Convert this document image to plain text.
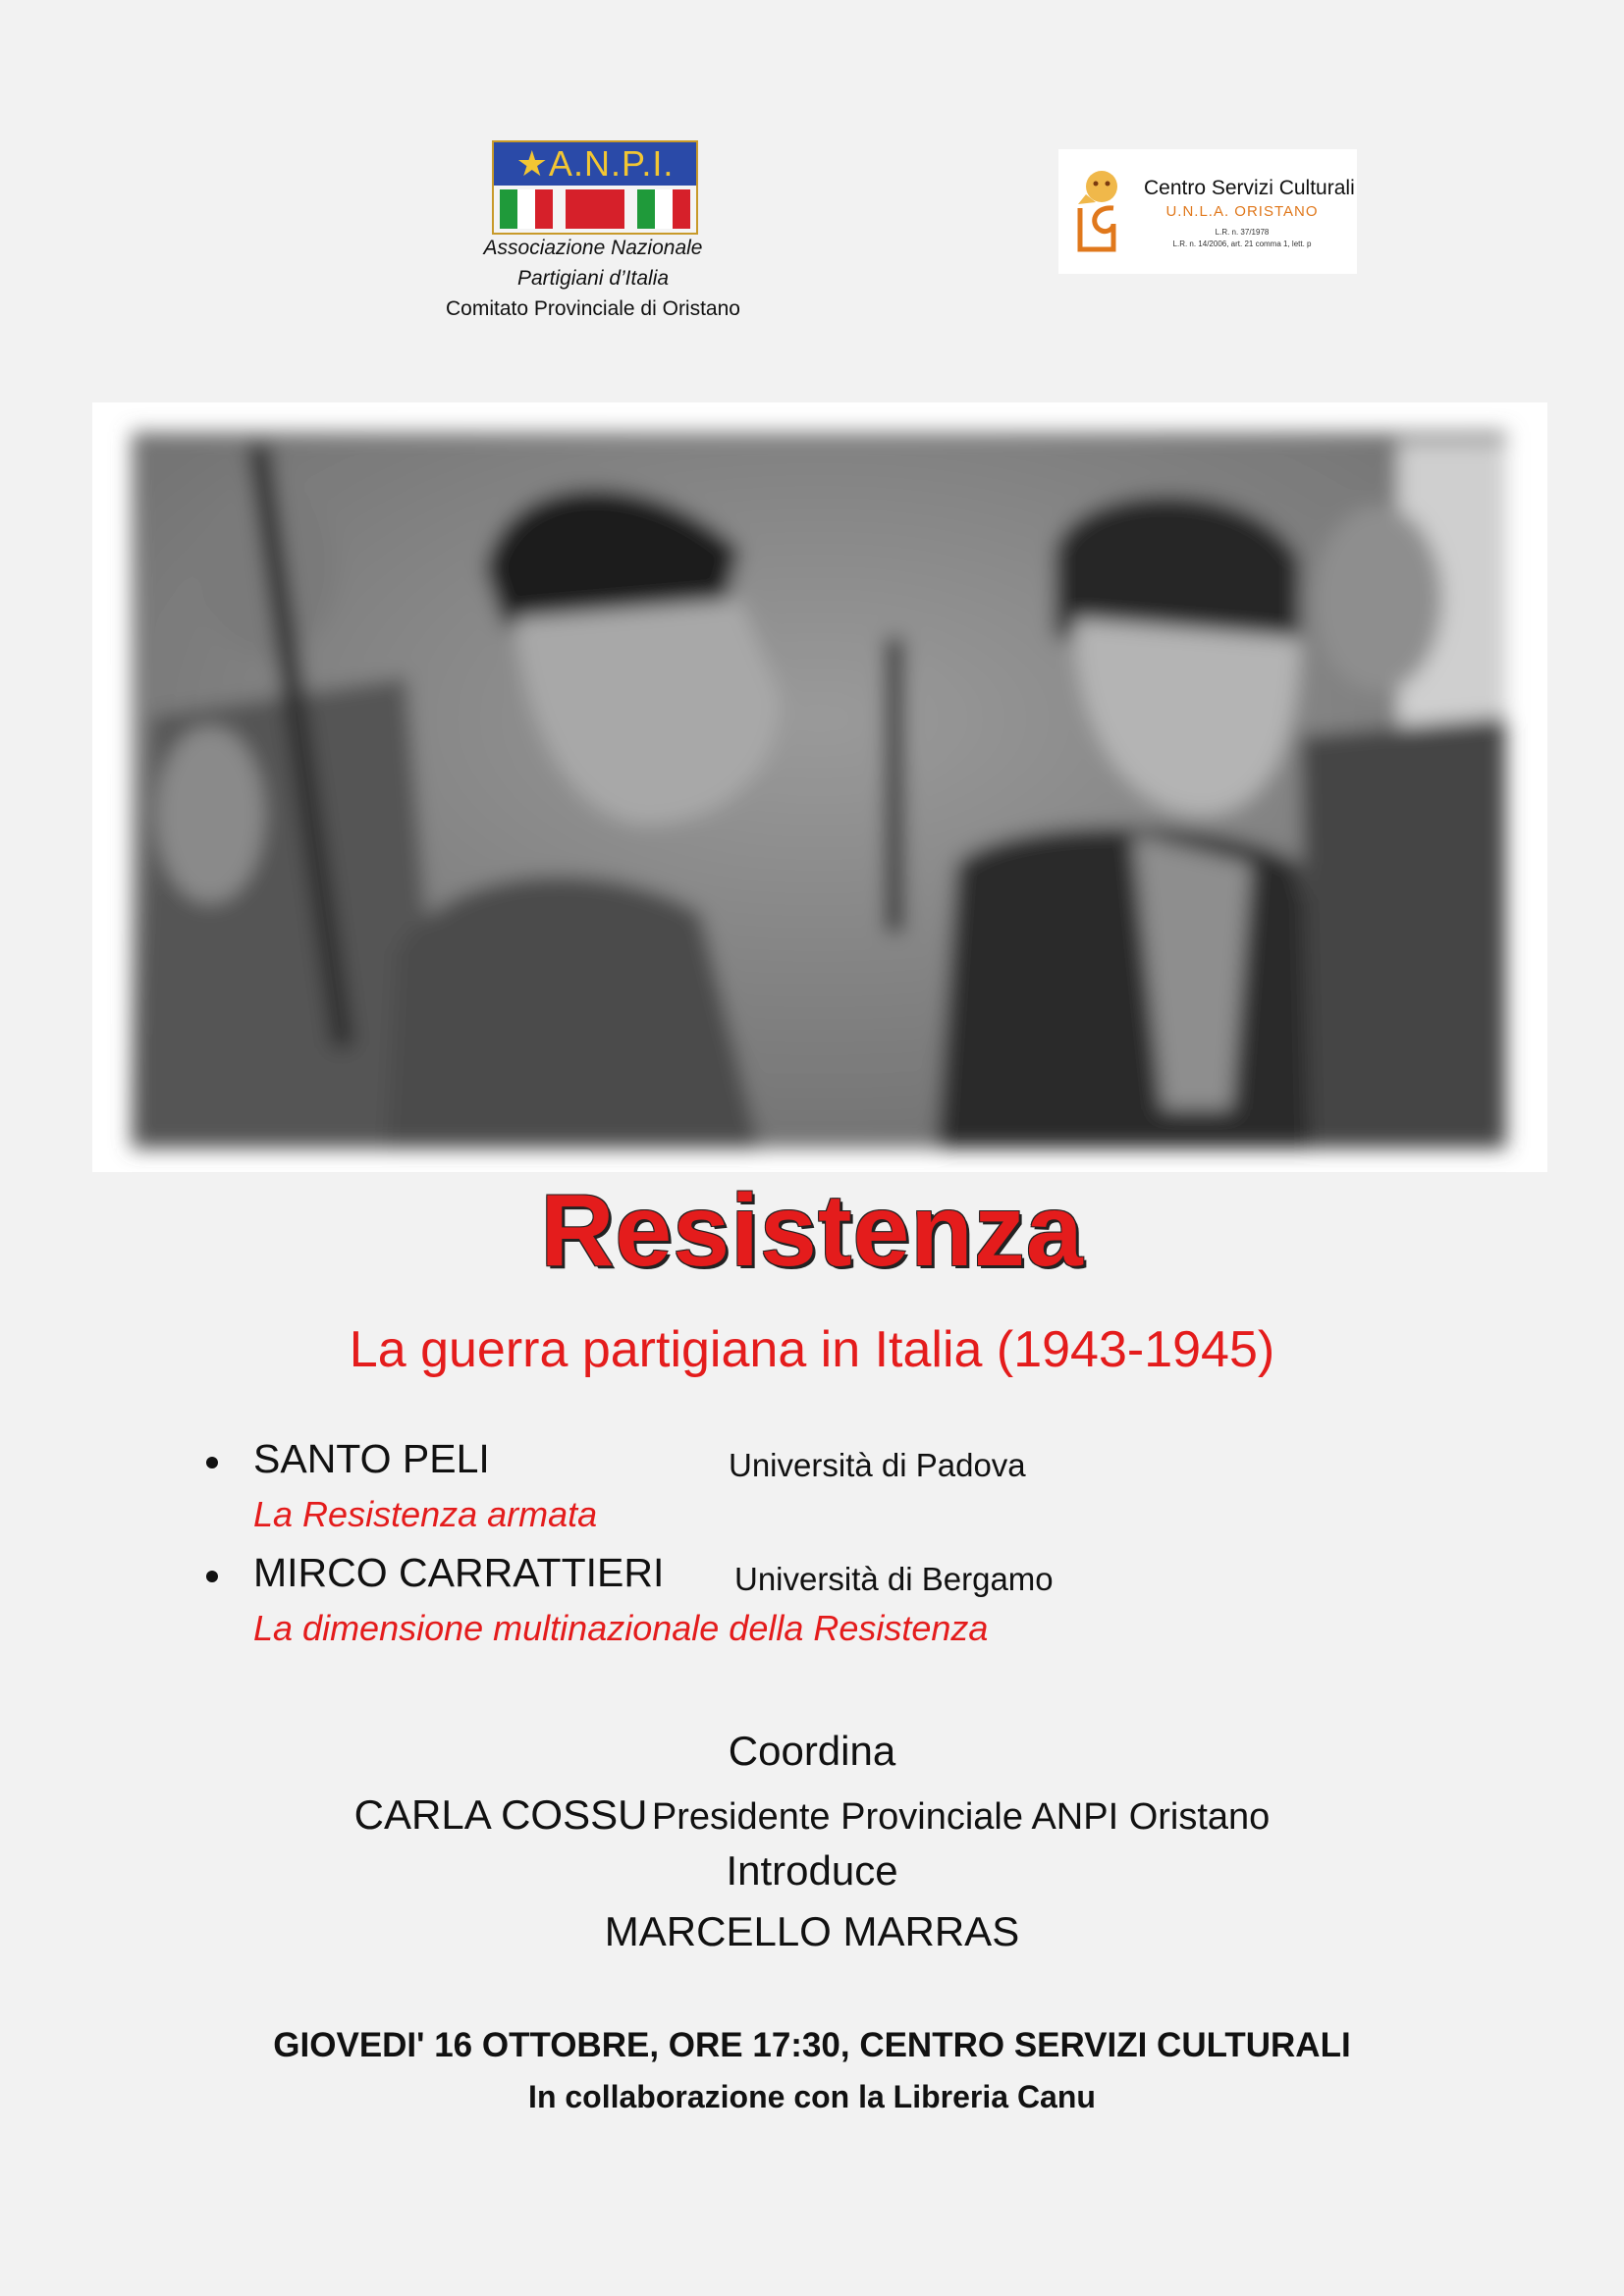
★A.N.P.I.
Associazione Nazionale
Partigiani d’Italia
Comitato Provinciale di Oristano
Centro Servizi Culturali
U.N.L.A. ORISTANO
L.R. n. 37/1978
L.R. n. 14/2006, art. 21 comma 1, lett. p
Resistenza
La guerra partigiana in Italia (1943-1945)
SANTO PELI	Università di Padova
La Resistenza armata
MIRCO CARRATTIERI Università di Bergamo
La dimensione multinazionale della Resistenza
Coordina
CARLA COSSU Presidente Provinciale ANPI Oristano
Introduce
MARCELLO MARRAS
GIOVEDI' 16 OTTOBRE, ORE 17:30, CENTRO SERVIZI CULTURALI
In collaborazione con la Libreria Canu
